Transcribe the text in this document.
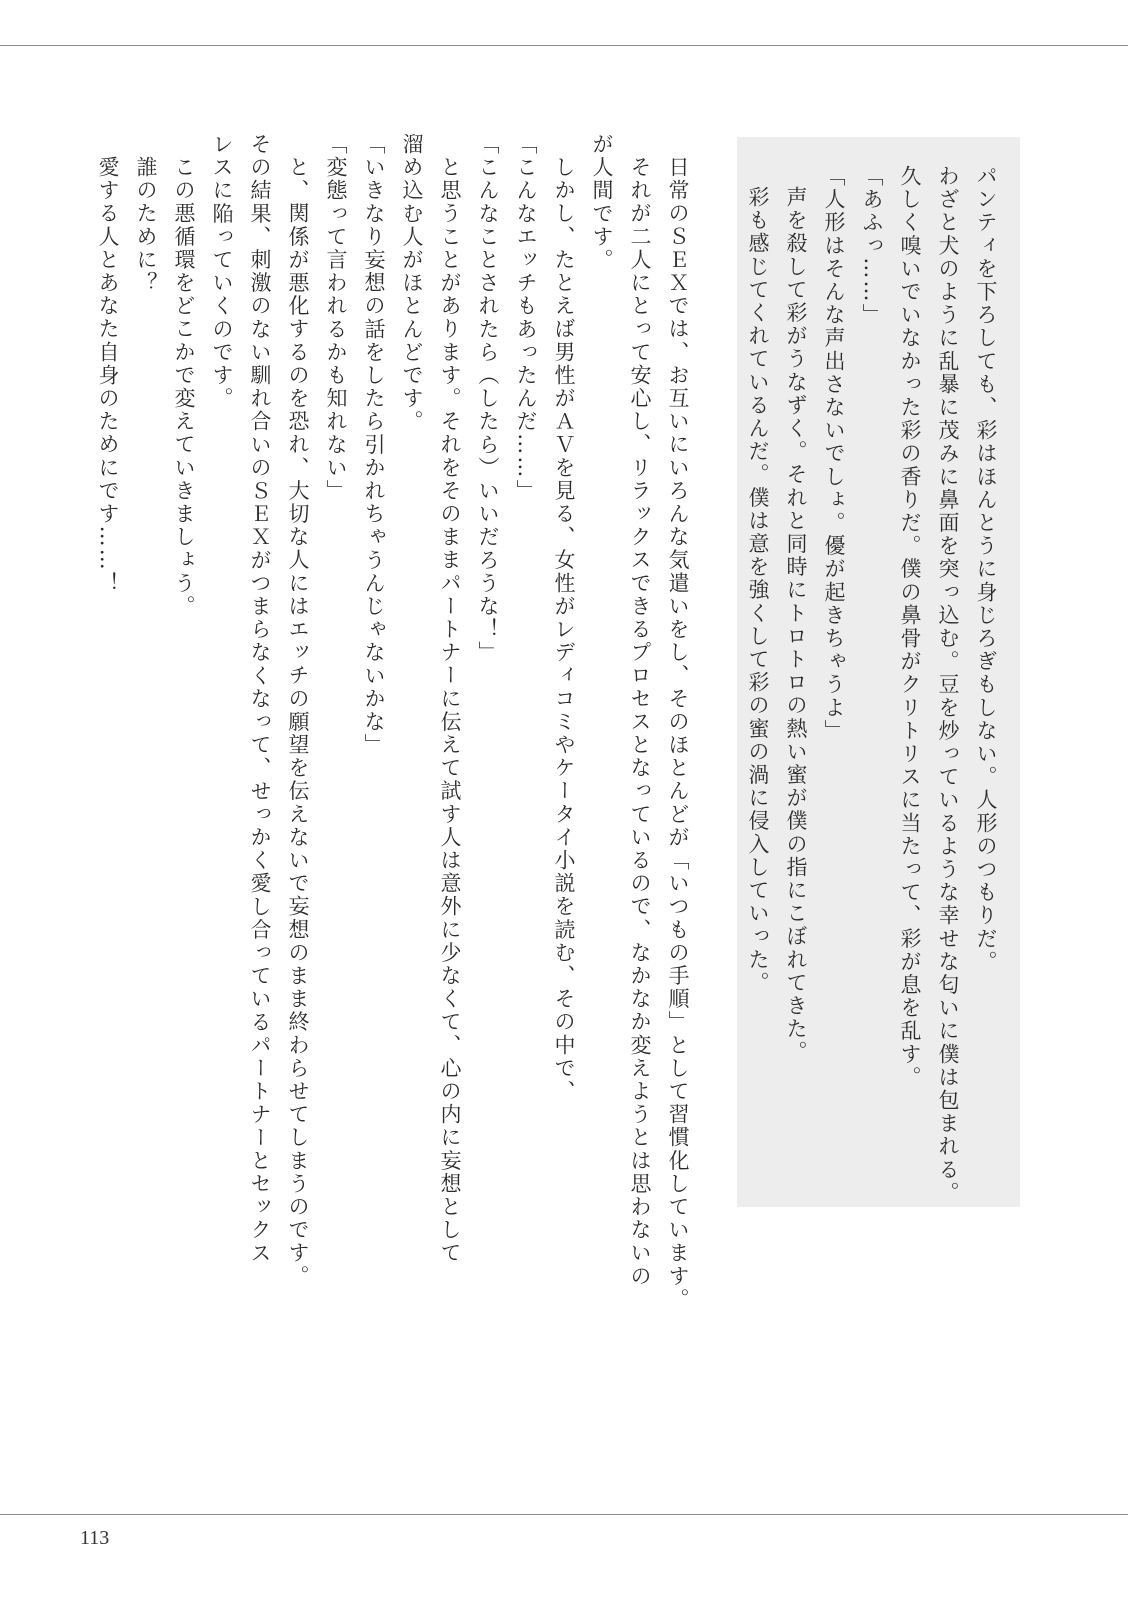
パンティを下ろしても、彩はほんとうに身じろぎもしない。人形のつもりだ。
わざと犬のように乱暴に茂みに鼻面を突っ込む。豆を炒っているような幸せな匂いに僕は包まれる。
久しく嗅いでいなかった彩の香りだ。僕の鼻骨がクリトリスに当たって、彩が息を乱す。
「あふっ……」
「人形はそんな声出さないでしょ。優が起きちゃうよ」
声を殺して彩がうなずく。それと同時にトロトロの熱い蜜が僕の指にこぼれてきた。
彩も感じてくれているんだ。僕は意を強くして彩の蜜の渦に侵入していった。
日常のＳＥＸでは、お互いにいろんな気遣いをし、そのほとんどが「いつもの手順」として習慣化しています。
それが二人にとって安心し、リラックスできるプロセスとなっているので、なかなか変えようとは思わないの
が人間です。
しかし、たとえば男性がＡＶを見る、女性がレディコミやケータイ小説を読む、その中で、
「こんなエッチもあったんだ……」
「こんなことされたら（したら）いいだろうな！」
と思うことがあります。それをそのままパートナーに伝えて試す人は意外に少なくて、心の内に妄想として
溜め込む人がほとんどです。
「いきなり妄想の話をしたら引かれちゃうんじゃないかな」
「変態って言われるかも知れない」
と、関係が悪化するのを恐れ、大切な人にはエッチの願望を伝えないで妄想のまま終わらせてしまうのです。
その結果、刺激のない馴れ合いのＳＥＸがつまらなくなって、せっかく愛し合っているパートナーとセックス
レスに陥っていくのです。
この悪循環をどこかで変えていきましょう。
誰のために？
愛する人とあなた自身のためにです……！
113
